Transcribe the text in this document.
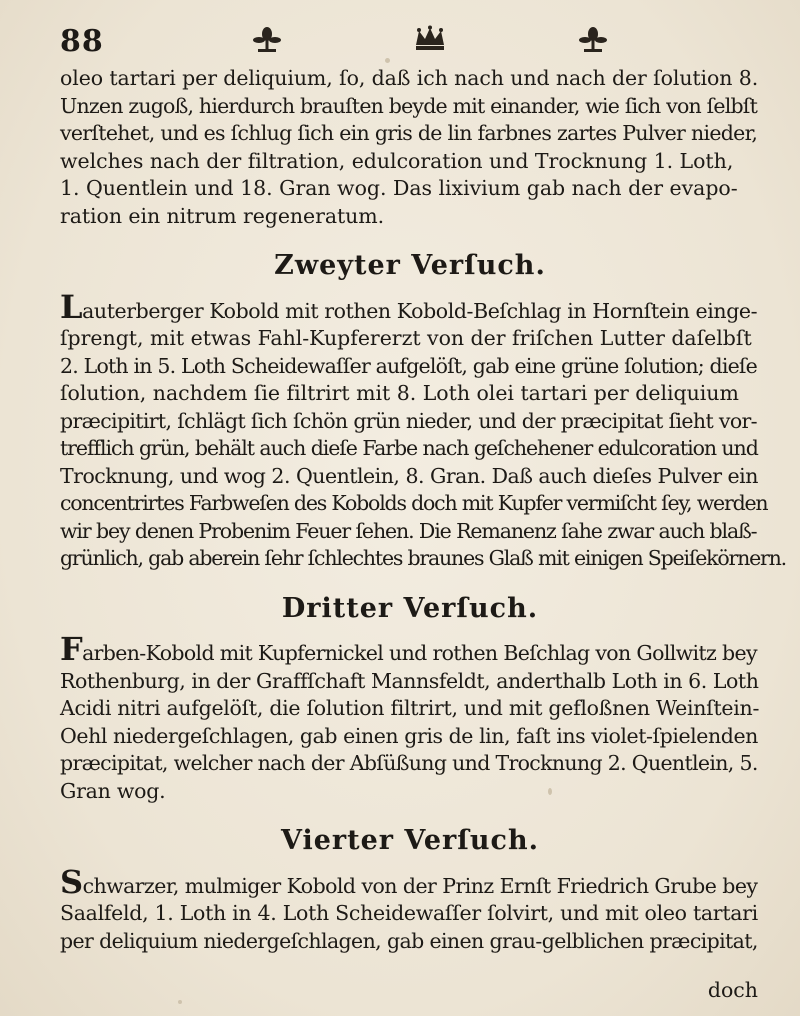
88

oleo tartari per deliquium, ſo, daß ich nach und nach der ſolution 8.
Unzen zugoß, hierdurch brauſten beyde mit einander, wie ſich von ſelbſt
verſtehet, und es ſchlug ſich ein gris de lin farbnes zartes Pulver nieder,
welches nach der filtration, edulcoration und Trocknung 1. Loth,
1. Quentlein und 18. Gran wog. Das lixivium gab nach der evapo-
ration ein nitrum regeneratum.

Zweyter Verſuch.

Lauterberger Kobold mit rothen Kobold-Beſchlag in Hornſtein einge-
ſprengt, mit etwas Fahl-Kupfererzt von der friſchen Lutter daſelbſt
2. Loth in 5. Loth Scheidewaſſer aufgelöſt, gab eine grüne ſolution; dieſe
ſolution, nachdem ſie filtrirt mit 8. Loth olei tartari per deliquium
præcipitirt, ſchlägt ſich ſchön grün nieder, und der præcipitat ſieht vor-
trefflich grün, behält auch dieſe Farbe nach geſchehener edulcoration und
Trocknung, und wog 2. Quentlein, 8. Gran. Daß auch dieſes Pulver ein
concentrirtes Farbweſen des Kobolds doch mit Kupfer vermiſcht ſey, werden
wir bey denen Probenim Feuer ſehen. Die Remanenz ſahe zwar auch blaß-
grünlich, gab aberein ſehr ſchlechtes braunes Glaß mit einigen Speiſekörnern.

Dritter Verſuch.

Farben-Kobold mit Kupfernickel und rothen Beſchlag von Gollwitz bey
Rothenburg, in der Graffſchaft Mannsfeldt, anderthalb Loth in 6. Loth
Acidi nitri aufgelöſt, die ſolution filtrirt, und mit gefloßnen Weinſtein-
Oehl niedergeſchlagen, gab einen gris de lin, faſt ins violet-ſpielenden
præcipitat, welcher nach der Abſüßung und Trocknung 2. Quentlein, 5.
Gran wog.

Vierter Verſuch.

Schwarzer, mulmiger Kobold von der Prinz Ernſt Friedrich Grube bey
Saalfeld, 1. Loth in 4. Loth Scheidewaſſer ſolvirt, und mit oleo tartari
per deliquium niedergeſchlagen, gab einen grau-gelblichen præcipitat,

doch
